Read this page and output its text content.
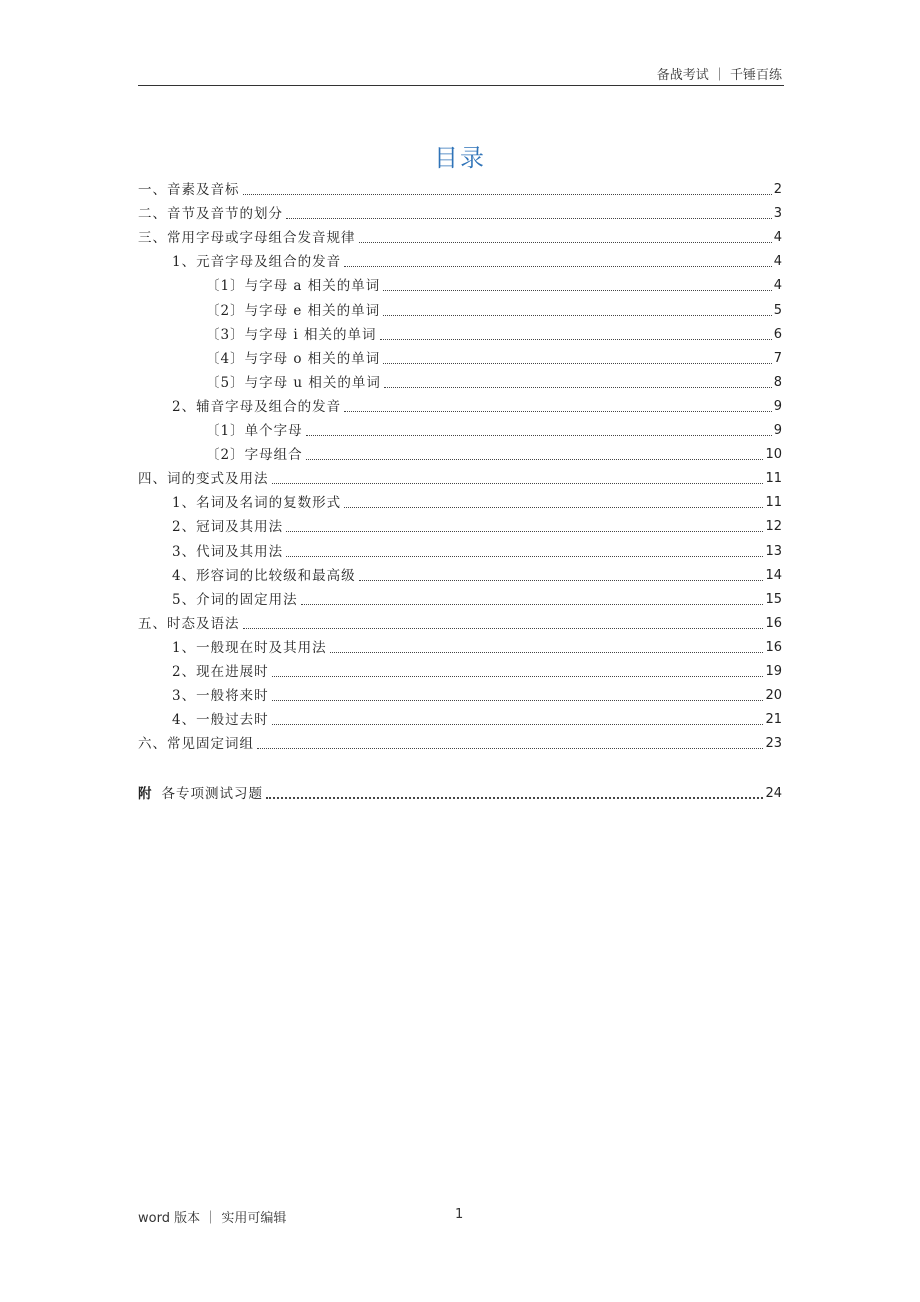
备战考试 ｜ 千锤百练
目录
一、音素及音标	2
二、音节及音节的划分	3
三、常用字母或字母组合发音规律	4
1、元音字母及组合的发音	4
〔1〕与字母 a 相关的单词	4
〔2〕与字母 e 相关的单词	5
〔3〕与字母 i 相关的单词	6
〔4〕与字母 o 相关的单词	7
〔5〕与字母 u 相关的单词	8
2、辅音字母及组合的发音	9
〔1〕单个字母	9
〔2〕字母组合	10
四、词的变式及用法	11
1、名词及名词的复数形式	11
2、冠词及其用法	12
3、代词及其用法	13
4、形容词的比较级和最高级	14
5、介词的固定用法	15
五、时态及语法	16
1、一般现在时及其用法	16
2、现在进展时	19
3、一般将来时	20
4、一般过去时	21
六、常见固定词组	23
附 各专项测试习题	24
word 版本 ｜ 实用可编辑	1
